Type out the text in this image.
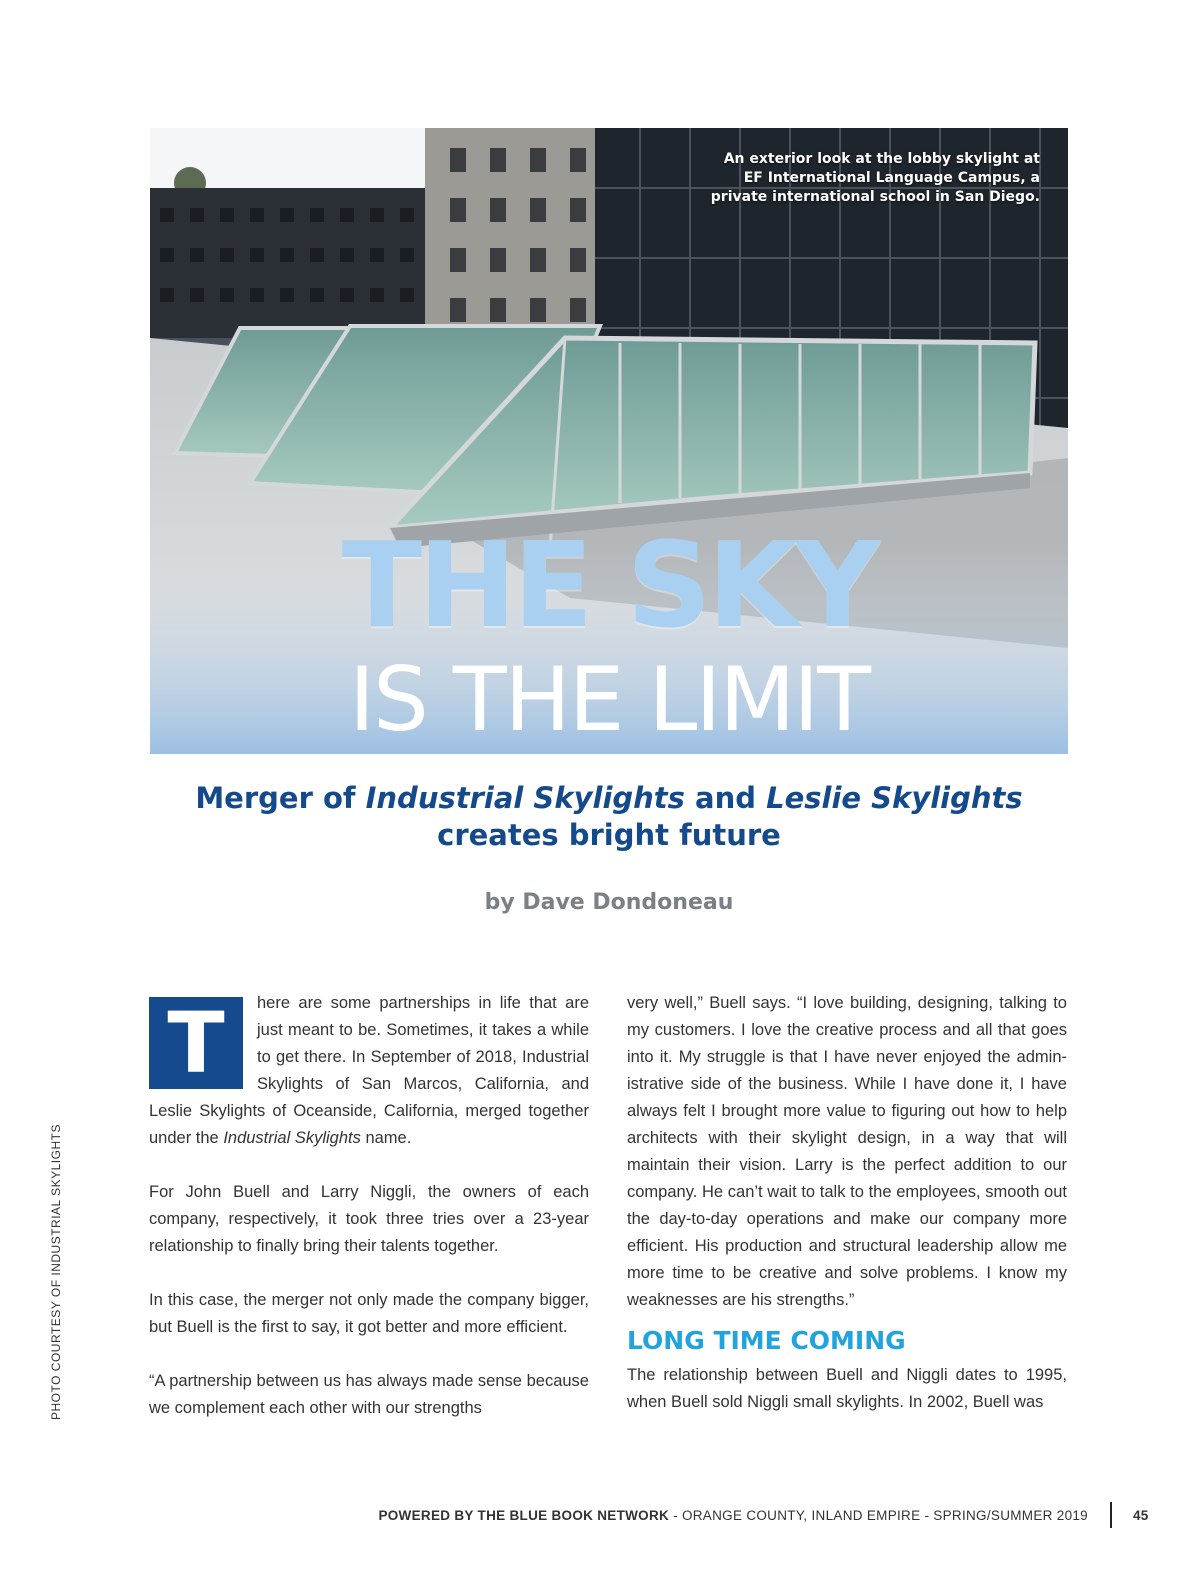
An exterior look at the lobby skylight at EF International Language Campus, a private international school in San Diego.
THE SKY
IS THE LIMIT
Merger of Industrial Skylights and Leslie Skylights
creates bright future
by Dave Dondoneau
T	here are some partnerships in life that are just meant to be. Sometimes, it takes a while to get there. In September of 2018, Industrial Skylights of San Marcos, California, and Leslie Skylights of Oceanside, California, merged together under the Industrial Skylights name.

For John Buell and Larry Niggli, the owners of each company, respectively, it took three tries over a 23-year relationship to finally bring their talents together.

In this case, the merger not only made the company bigger, but Buell is the first to say, it got better and more efficient.

“A partnership between us has always made sense because we complement each other with our strengths

very well,” Buell says. “I love building, designing, talking to my customers. I love the creative process and all that goes into it. My struggle is that I have never enjoyed the admin-istrative side of the business. While I have done it, I have always felt I brought more value to figuring out how to help architects with their skylight design, in a way that will maintain their vision. Larry is the perfect addition to our company. He can’t wait to talk to the employees, smooth out the day-to-day operations and make our company more efficient. His production and structural leadership allow me more time to be creative and solve problems. I know my weaknesses are his strengths.”

LONG TIME COMING

The relationship between Buell and Niggli dates to 1995, when Buell sold Niggli small skylights. In 2002, Buell was

PHOTO COURTESY OF INDUSTRIAL SKYLIGHTS
POWERED BY THE BLUE BOOK NETWORK - ORANGE COUNTY, INLAND EMPIRE - SPRING/SUMMER 2019	45
